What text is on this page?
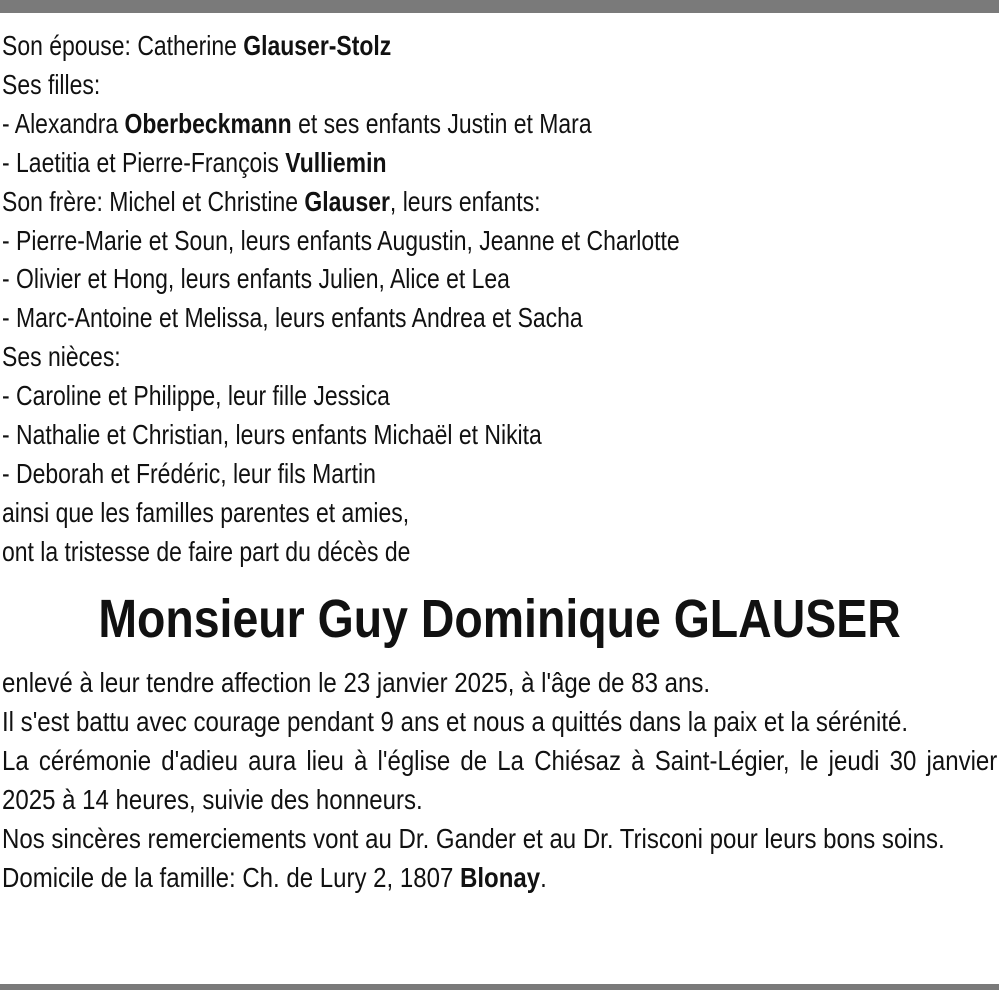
Son épouse: Catherine Glauser-Stolz
Ses filles:
- Alexandra Oberbeckmann et ses enfants Justin et Mara
- Laetitia et Pierre-François Vulliemin
Son frère: Michel et Christine Glauser, leurs enfants:
- Pierre-Marie et Soun, leurs enfants Augustin, Jeanne et Charlotte
- Olivier et Hong, leurs enfants Julien, Alice et Lea
- Marc-Antoine et Melissa, leurs enfants Andrea et Sacha
Ses nièces:
- Caroline et Philippe, leur fille Jessica
- Nathalie et Christian, leurs enfants Michaël et Nikita
- Deborah et Frédéric, leur fils Martin
ainsi que les familles parentes et amies,
ont la tristesse de faire part du décès de
Monsieur Guy Dominique GLAUSER

enlevé à leur tendre affection le 23 janvier 2025, à l'âge de 83 ans.

Il s'est battu avec courage pendant 9 ans et nous a quittés dans la paix et la sérénité.

La cérémonie d'adieu aura lieu à l'église de La Chiésaz à Saint-Légier, le jeudi 30 janvier 2025 à 14 heures, suivie des honneurs.

Nos sincères remerciements vont au Dr. Gander et au Dr. Trisconi pour leurs bons soins.

Domicile de la famille: Ch. de Lury 2, 1807 Blonay.
